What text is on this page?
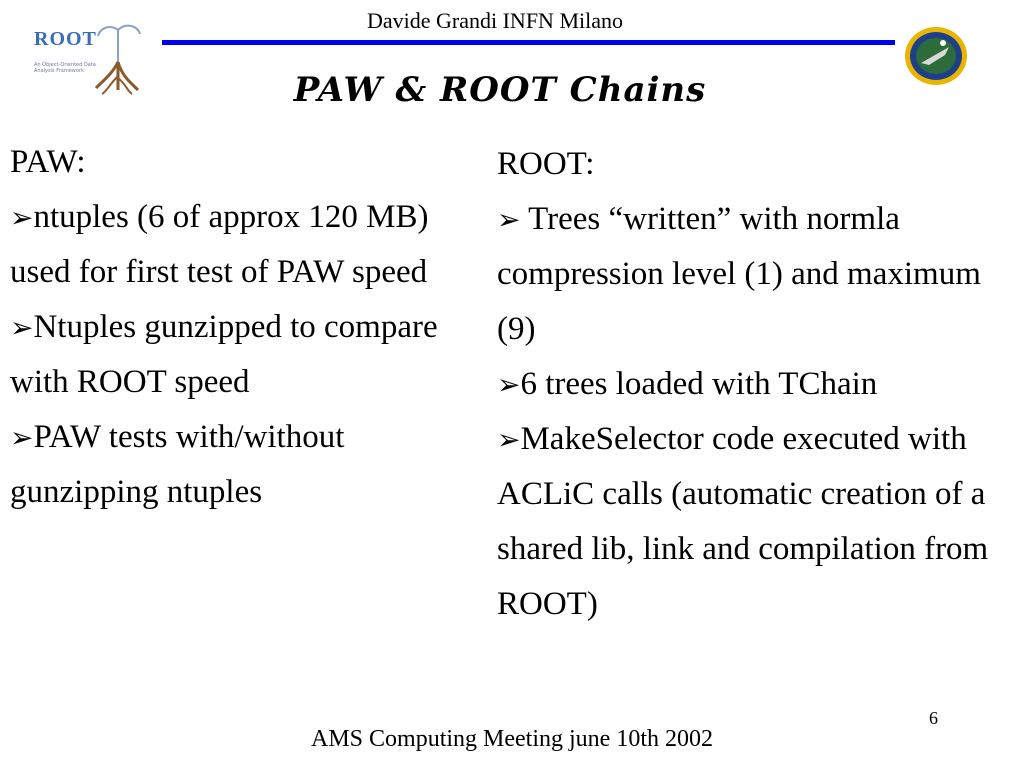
ROOT
An Object-Oriented Data Analysis Framework
Davide Grandi INFN Milano
PAW & ROOT Chains

PAW:

➢ntuples (6 of approx 120 MB) used for first test of PAW speed

➢Ntuples gunzipped to compare with ROOT speed

➢PAW tests with/without gunzipping ntuples

ROOT:

➢ Trees “written” with normla compression level (1) and maximum (9)

➢6 trees loaded with TChain

➢MakeSelector code executed with ACLiC calls (automatic creation of a shared lib, link and compilation from ROOT)

6
AMS Computing Meeting june 10th 2002
